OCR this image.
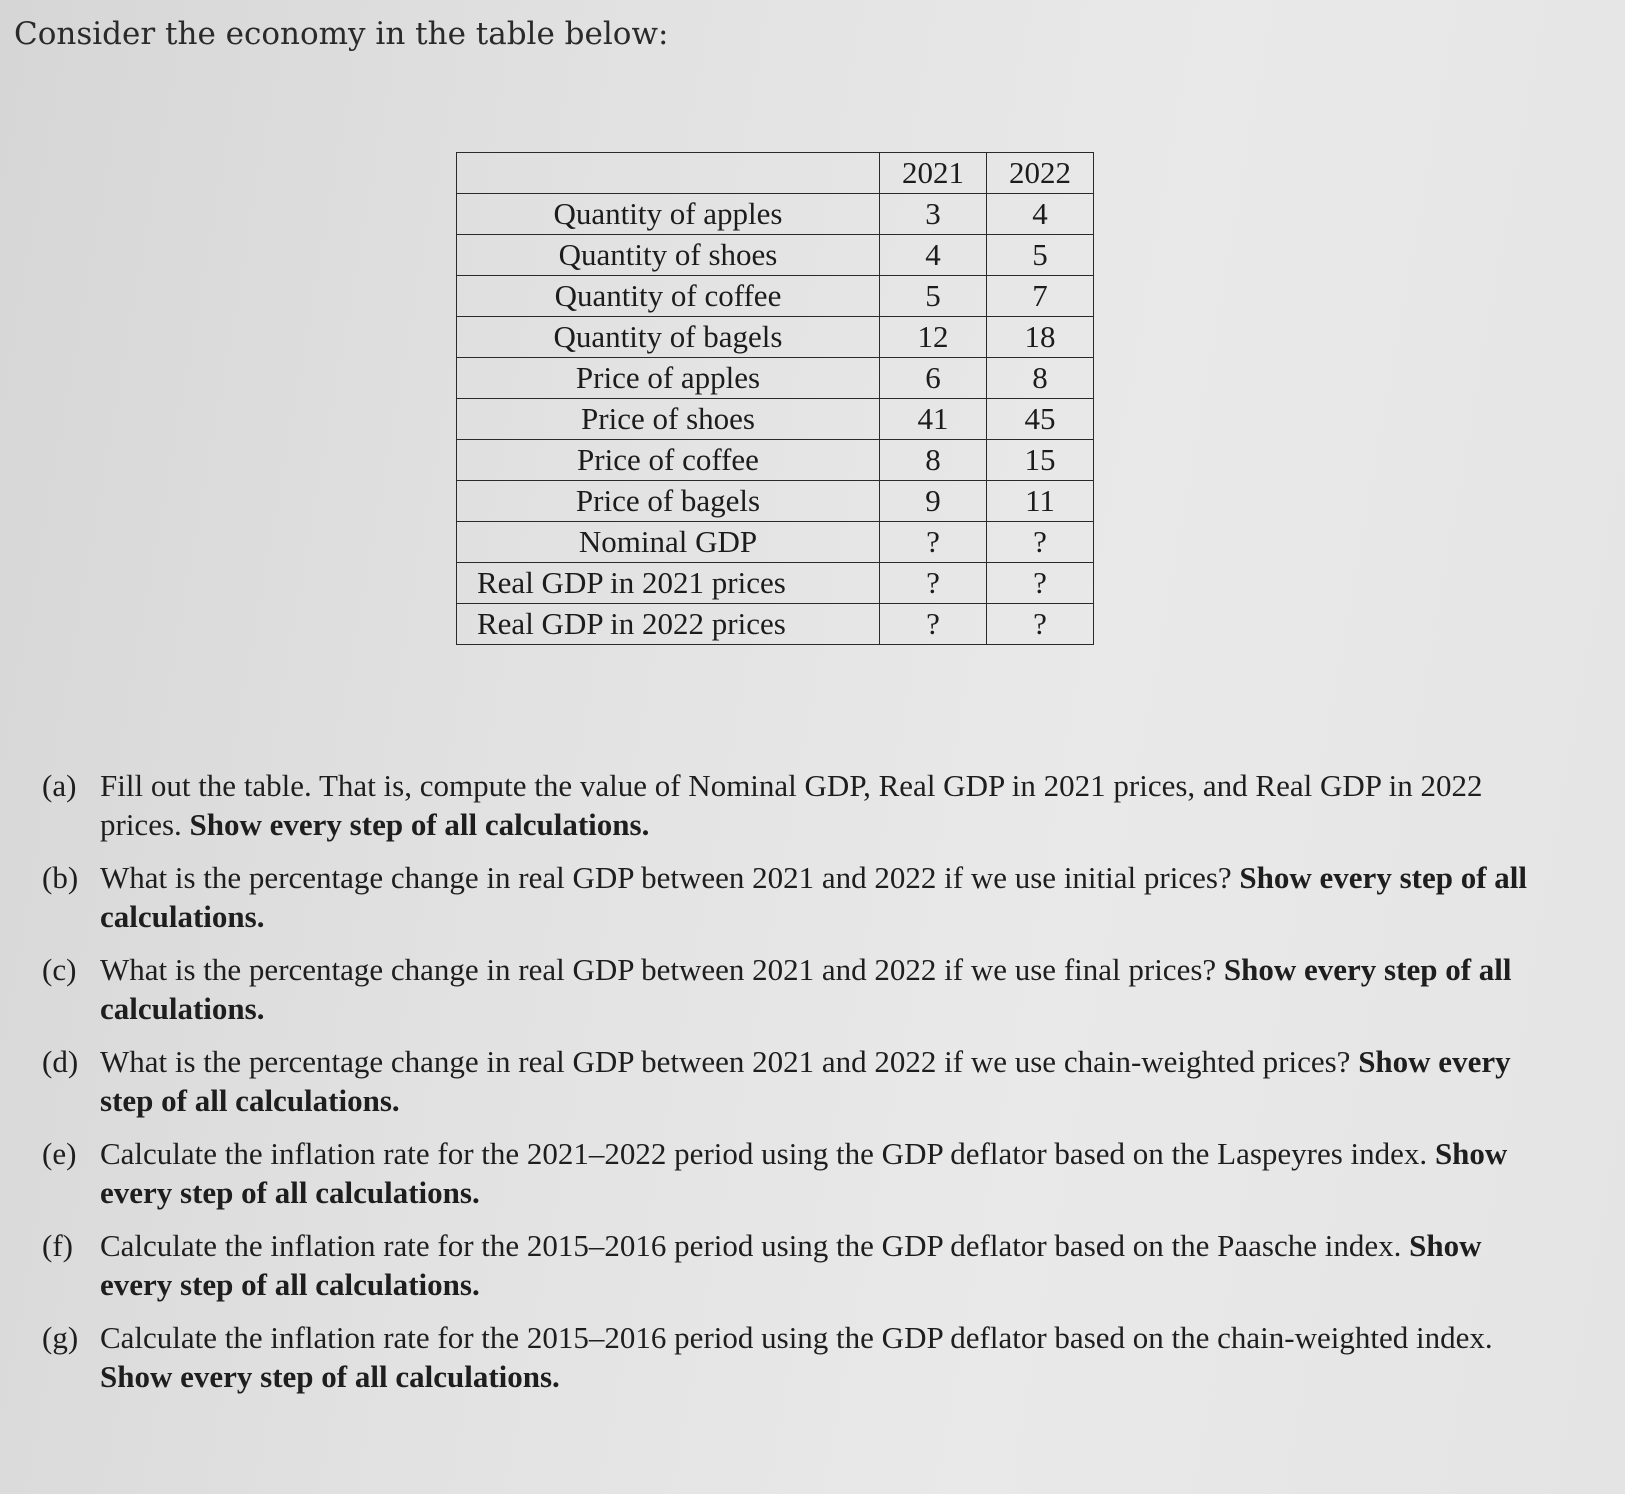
Consider the economy in the table below:

	2021	2022
Quantity of apples	3	4
Quantity of shoes	4	5
Quantity of coffee	5	7
Quantity of bagels	12	18
Price of apples	6	8
Price of shoes	41	45
Price of coffee	8	15
Price of bagels	9	11
Nominal GDP	?	?
Real GDP in 2021 prices	?	?
Real GDP in 2022 prices	?	?
(a) Fill out the table. That is, compute the value of Nominal GDP, Real GDP in 2021 prices, and Real GDP in 2022 prices. Show every step of all calculations.
(b) What is the percentage change in real GDP between 2021 and 2022 if we use initial prices? Show every step of all calculations.
(c) What is the percentage change in real GDP between 2021 and 2022 if we use final prices? Show every step of all calculations.
(d) What is the percentage change in real GDP between 2021 and 2022 if we use chain-weighted prices? Show every step of all calculations.
(e) Calculate the inflation rate for the 2021–2022 period using the GDP deflator based on the Laspeyres index. Show every step of all calculations.
(f) Calculate the inflation rate for the 2015–2016 period using the GDP deflator based on the Paasche index. Show every step of all calculations.
(g) Calculate the inflation rate for the 2015–2016 period using the GDP deflator based on the chain-weighted index. Show every step of all calculations.
